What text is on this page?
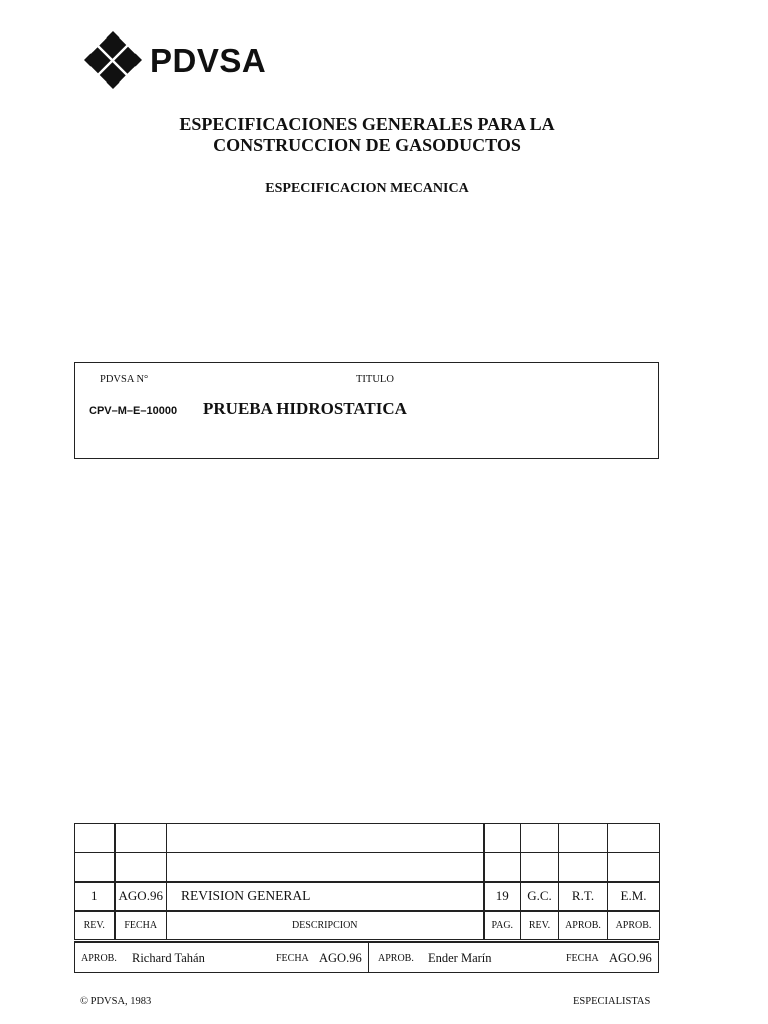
PDVSA
ESPECIFICACIONES GENERALES PARA LA
CONSTRUCCION DE GASODUCTOS
ESPECIFICACION MECANICA
PDVSA N°	TITULO
CPV–M–E–10000 PRUEBA HIDROSTATICA

1	AGO.96	REVISION GENERAL	19	G.C.	R.T.	E.M.
REV.	FECHA	DESCRIPCION	PAG.	REV.	APROB.	APROB.
APROB. Richard Tahán	FECHA AGO.96 APROB. Ender Marín	FECHA AGO.96
© PDVSA, 1983	ESPECIALISTAS
